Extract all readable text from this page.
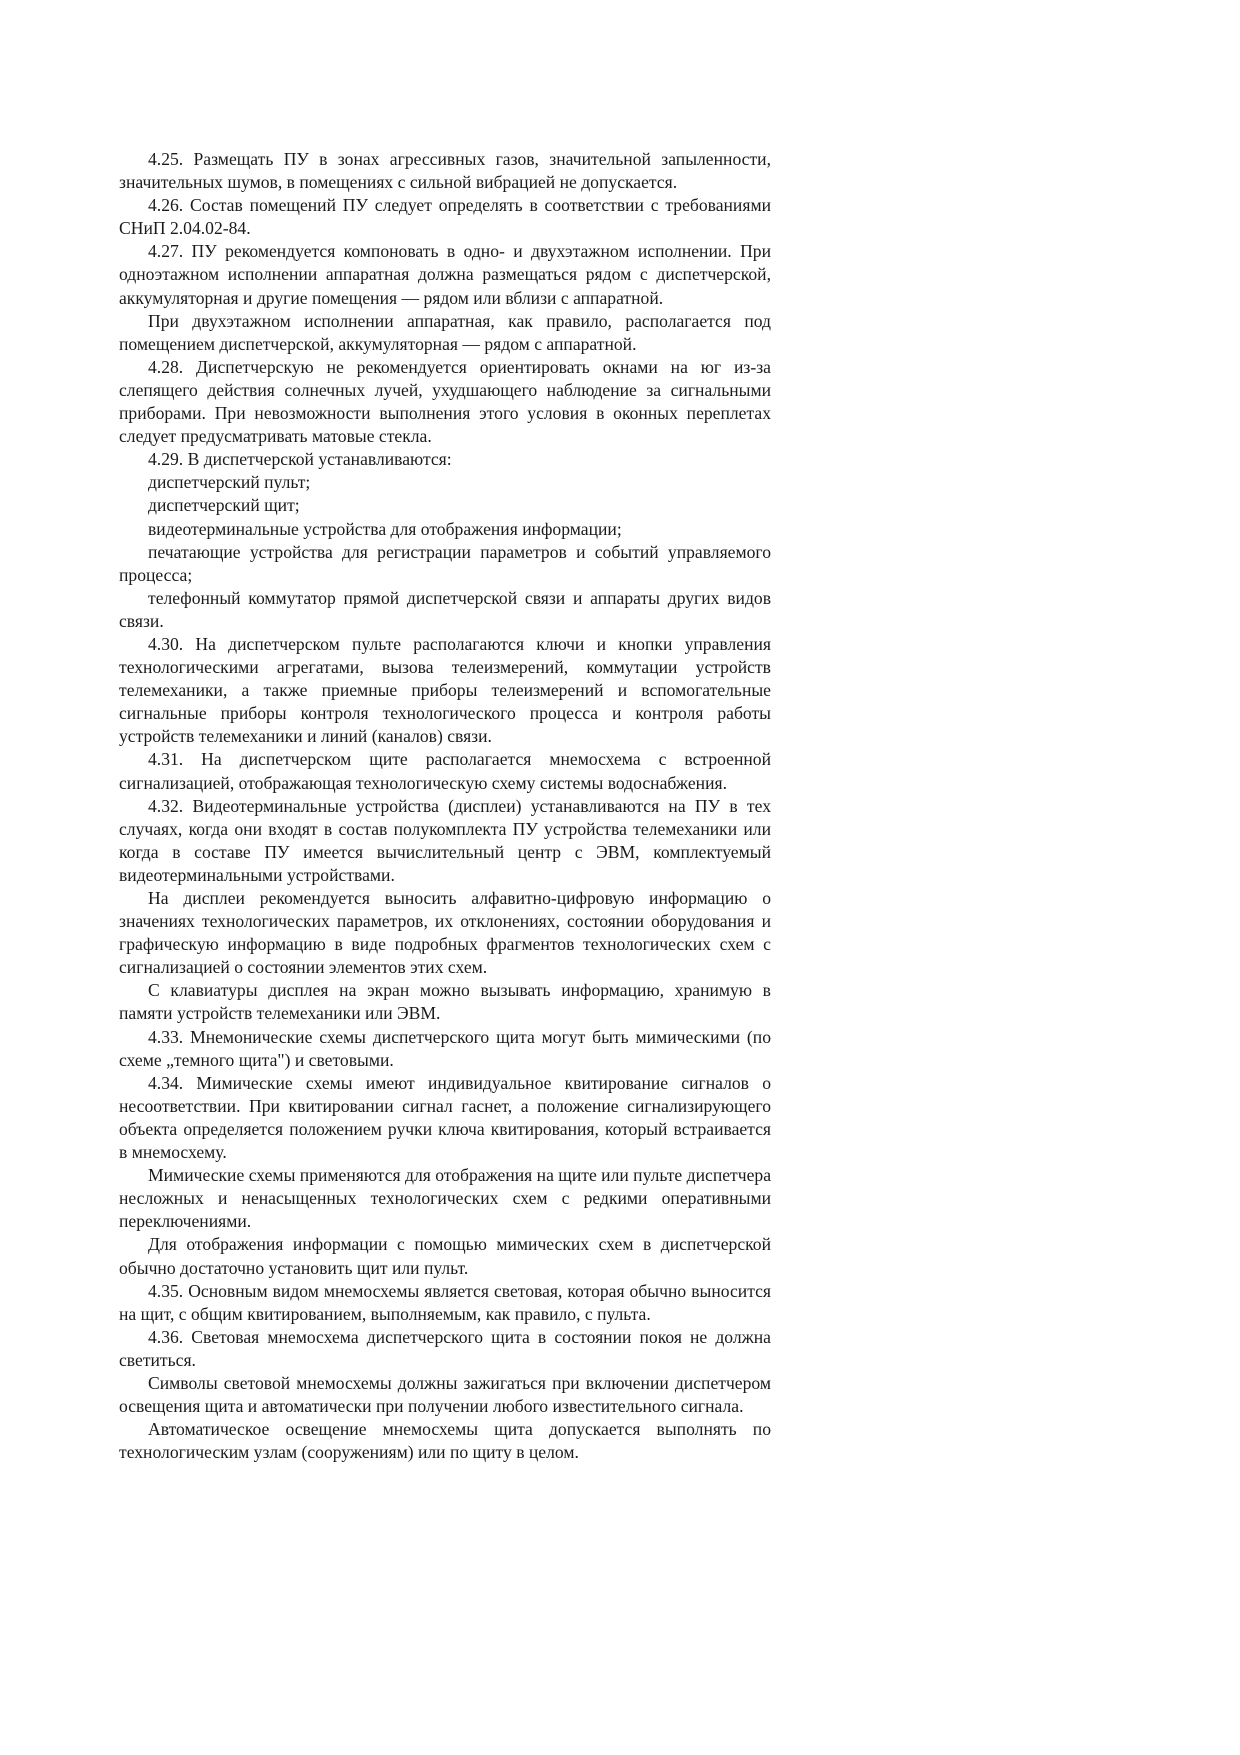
4.25. Размещать ПУ в зонах агрессивных газов, значительной запыленности, значительных шумов, в помещениях с сильной вибрацией не допускается.

4.26. Состав помещений ПУ следует определять в соответствии с требованиями СНиП 2.04.02-84.

4.27. ПУ рекомендуется компоновать в одно- и двухэтажном исполнении. При одноэтажном исполнении аппаратная должна размещаться рядом с диспетчерской, аккумуляторная и другие помещения — рядом или вблизи с аппаратной.

При двухэтажном исполнении аппаратная, как правило, располагается под помещением диспетчерской, аккумуляторная — рядом с аппаратной.

4.28. Диспетчерскую не рекомендуется ориентировать окнами на юг из-за слепящего действия солнечных лучей, ухудшающего наблюдение за сигнальными приборами. При невозможности выполнения этого условия в оконных переплетах следует предусматривать матовые стекла.

4.29. В диспетчерской устанавливаются:

диспетчерский пульт;

диспетчерский щит;

видеотерминальные устройства для отображения информации;

печатающие устройства для регистрации параметров и событий управляемого процесса;

телефонный коммутатор прямой диспетчерской связи и аппараты других видов связи.

4.30. На диспетчерском пульте располагаются ключи и кнопки управления технологическими агрегатами, вызова телеизмерений, коммутации устройств телемеханики, а также приемные приборы телеизмерений и вспомогательные сигнальные приборы контроля технологического процесса и контроля работы устройств телемеханики и линий (каналов) связи.

4.31. На диспетчерском щите располагается мнемосхема с встроенной сигнализацией, отображающая технологическую схему системы водоснабжения.

4.32. Видеотерминальные устройства (дисплеи) устанавливаются на ПУ в тех случаях, когда они входят в состав полукомплекта ПУ устройства телемеханики или когда в составе ПУ имеется вычислительный центр с ЭВМ, комплектуемый видеотерминальными устройствами.

На дисплеи рекомендуется выносить алфавитно-цифровую информацию о значениях технологических параметров, их отклонениях, состоянии оборудования и графическую информацию в виде подробных фрагментов технологических схем с сигнализацией о состоянии элементов этих схем.

С клавиатуры дисплея на экран можно вызывать информацию, хранимую в памяти устройств телемеханики или ЭВМ.

4.33. Мнемонические схемы диспетчерского щита могут быть мимическими (по схеме „темного щита") и световыми.

4.34. Мимические схемы имеют индивидуальное квитирование сигналов о несоответствии. При квитировании сигнал гаснет, а положение сигнализирующего объекта определяется положением ручки ключа квитирования, который встраивается в мнемосхему.

Мимические схемы применяются для отображения на щите или пульте диспетчера несложных и ненасыщенных технологических схем с редкими оперативными переключениями.

Для отображения информации с помощью мимических схем в диспетчерской обычно достаточно установить щит или пульт.

4.35. Основным видом мнемосхемы является световая, которая обычно выносится на щит, с общим квитированием, выполняемым, как правило, с пульта.

4.36. Световая мнемосхема диспетчерского щита в состоянии покоя не должна светиться.

Символы световой мнемосхемы должны зажигаться при включении диспетчером освещения щита и автоматически при получении любого известительного сигнала.

Автоматическое освещение мнемосхемы щита допускается выполнять по технологическим узлам (сооружениям) или по щиту в целом.
